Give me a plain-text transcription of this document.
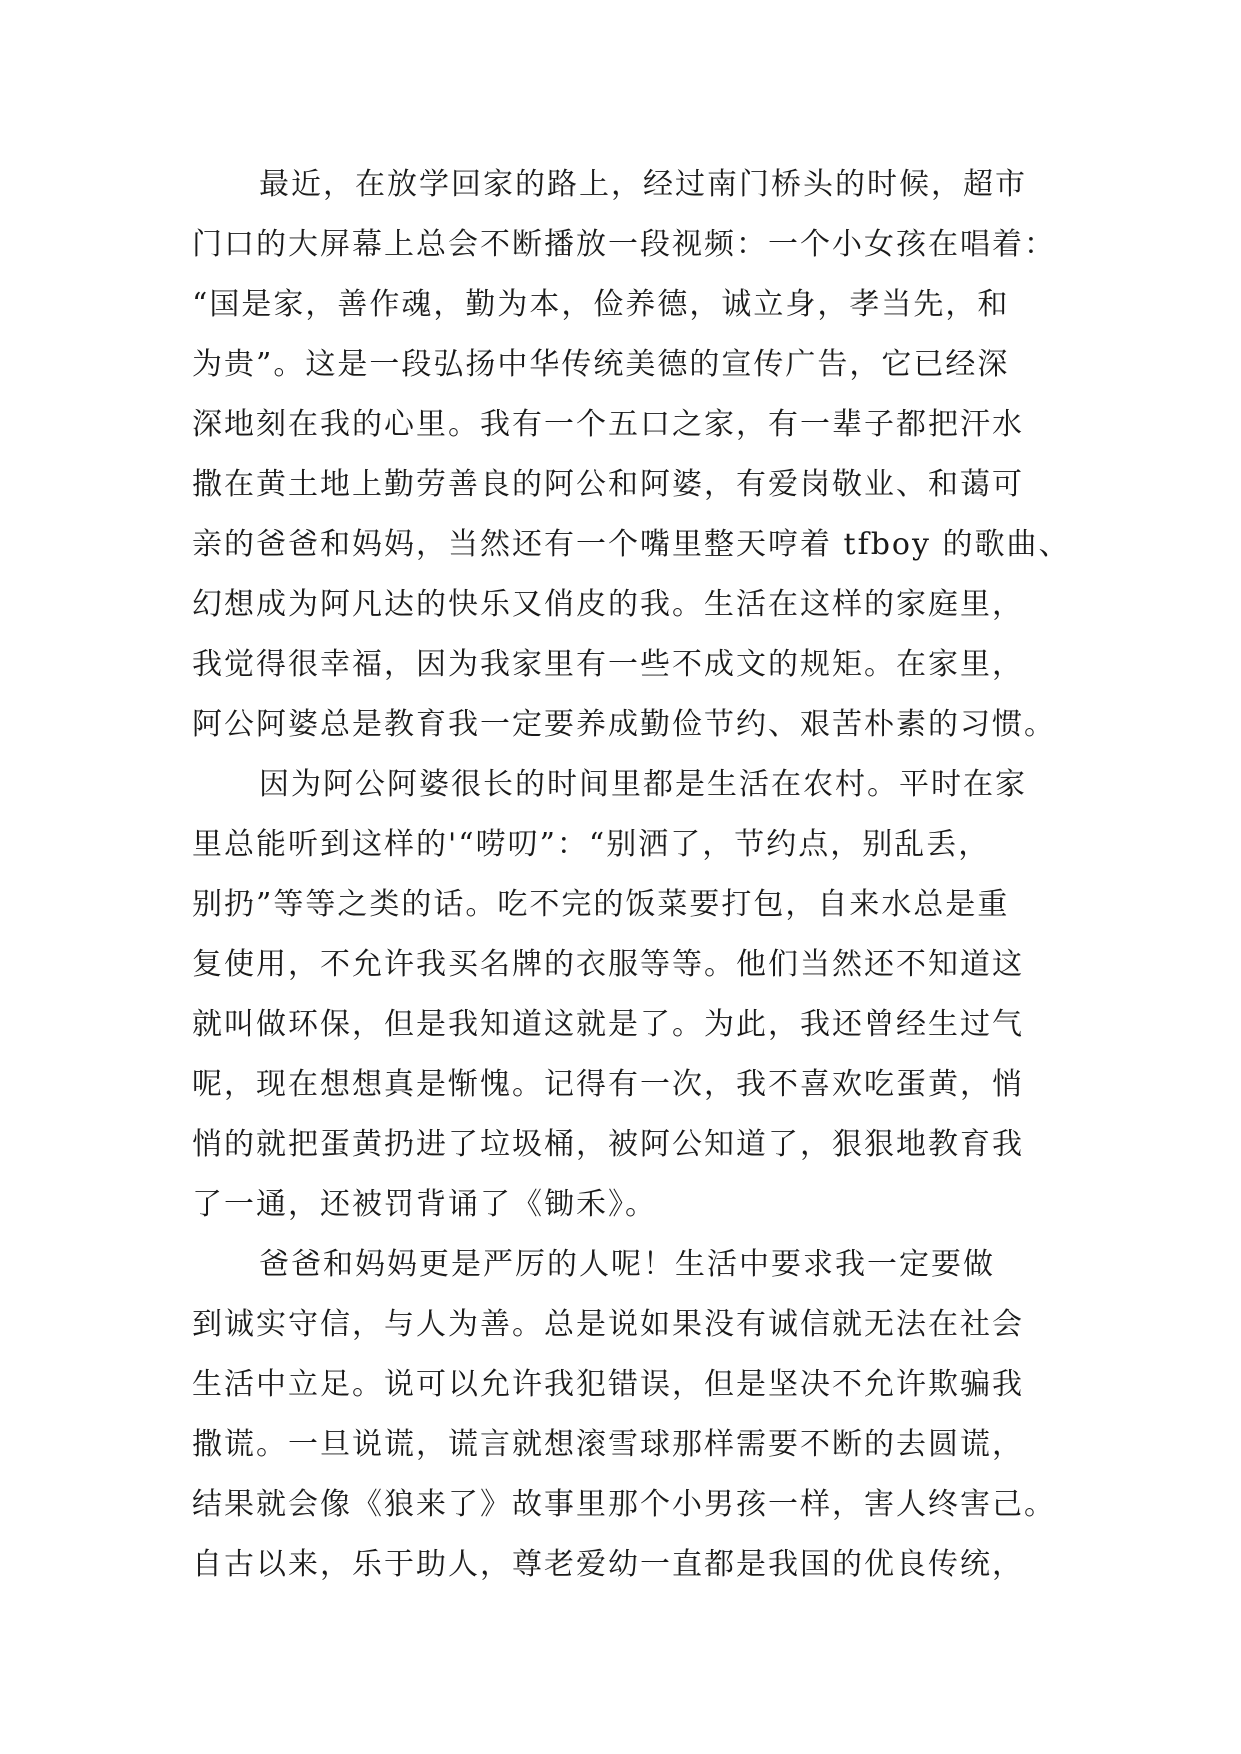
最近，在放学回家的路上，经过南门桥头的时候，超市
门口的大屏幕上总会不断播放一段视频：一个小女孩在唱着：
“国是家，善作魂，勤为本，俭养德，诚立身，孝当先，和
为贵”。这是一段弘扬中华传统美德的宣传广告，它已经深
深地刻在我的心里。我有一个五口之家，有一辈子都把汗水
撒在黄土地上勤劳善良的阿公和阿婆，有爱岗敬业、和蔼可
亲的爸爸和妈妈，当然还有一个嘴里整天哼着 tfboy 的歌曲、
幻想成为阿凡达的快乐又俏皮的我。生活在这样的家庭里，
我觉得很幸福，因为我家里有一些不成文的规矩。在家里，
阿公阿婆总是教育我一定要养成勤俭节约、艰苦朴素的习惯。
因为阿公阿婆很长的时间里都是生活在农村。平时在家
里总能听到这样的'“唠叨”：“别洒了，节约点，别乱丢，
别扔”等等之类的话。吃不完的饭菜要打包，自来水总是重
复使用，不允许我买名牌的衣服等等。他们当然还不知道这
就叫做环保，但是我知道这就是了。为此，我还曾经生过气
呢，现在想想真是惭愧。记得有一次，我不喜欢吃蛋黄，悄
悄的就把蛋黄扔进了垃圾桶，被阿公知道了，狠狠地教育我
了一通，还被罚背诵了《锄禾》。
爸爸和妈妈更是严厉的人呢！生活中要求我一定要做
到诚实守信，与人为善。总是说如果没有诚信就无法在社会
生活中立足。说可以允许我犯错误，但是坚决不允许欺骗我
撒谎。一旦说谎，谎言就想滚雪球那样需要不断的去圆谎，
结果就会像《狼来了》故事里那个小男孩一样，害人终害己。
自古以来，乐于助人，尊老爱幼一直都是我国的优良传统，
